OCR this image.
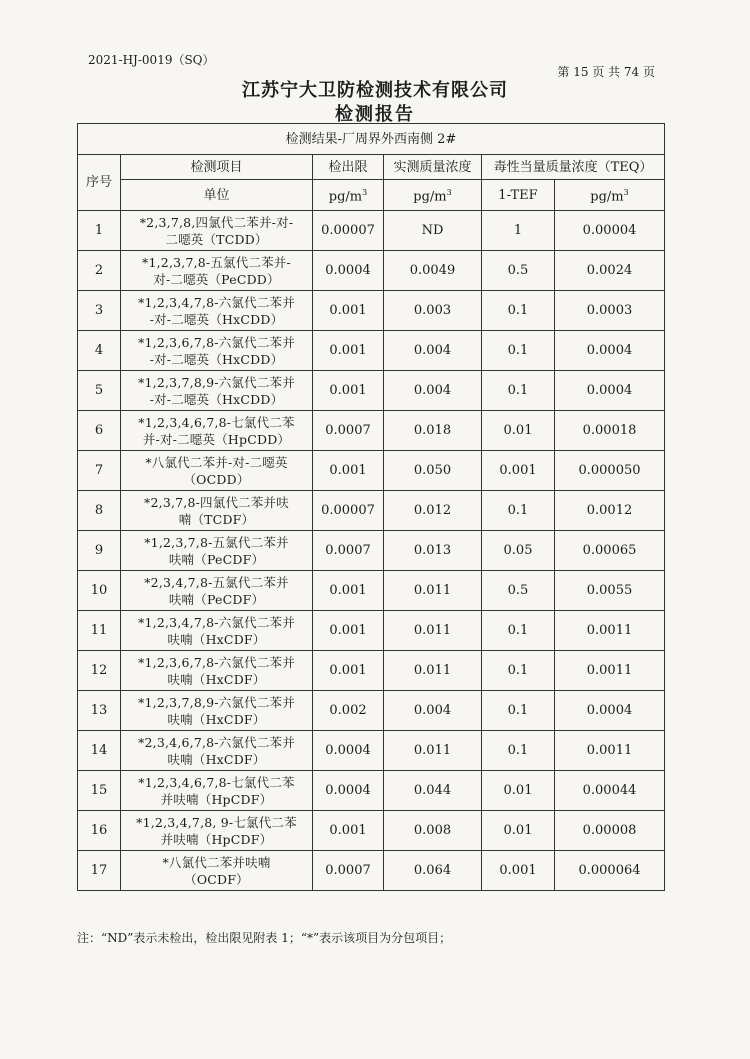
2021-HJ-0019（SQ）
第 15 页 共 74 页
江苏宁大卫防检测技术有限公司
检测报告
检测结果-厂周界外西南侧 2#					
序号	检测项目	检出限	实测质量浓度	毒性当量质量浓度（TEQ）	
	单位	$pg/m^3$	$pg/m^3$	1-TEF	$pg/m^3$
1	*2,3,7,8,四氯代二苯并-对-
二噁英（TCDD）	0.00007	ND	1	0.00004
2	*1,2,3,7,8-五氯代二苯并-
对-二噁英（PeCDD）	0.0004	0.0049	0.5	0.0024
3	*1,2,3,4,7,8-六氯代二苯并
-对-二噁英（HxCDD）	0.001	0.003	0.1	0.0003
4	*1,2,3,6,7,8-六氯代二苯并
-对-二噁英（HxCDD）	0.001	0.004	0.1	0.0004
5	*1,2,3,7,8,9-六氯代二苯并
-对-二噁英（HxCDD）	0.001	0.004	0.1	0.0004
6	*1,2,3,4,6,7,8-七氯代二苯
并-对-二噁英（HpCDD）	0.0007	0.018	0.01	0.00018
7	*八氯代二苯并-对-二噁英
（OCDD）	0.001	0.050	0.001	0.000050
8	*2,3,7,8-四氯代二苯并呋
喃（TCDF）	0.00007	0.012	0.1	0.0012
9	*1,2,3,7,8-五氯代二苯并
呋喃（PeCDF）	0.0007	0.013	0.05	0.00065
10	*2,3,4,7,8-五氯代二苯并
呋喃（PeCDF）	0.001	0.011	0.5	0.0055
11	*1,2,3,4,7,8-六氯代二苯并
呋喃（HxCDF）	0.001	0.011	0.1	0.0011
12	*1,2,3,6,7,8-六氯代二苯并
呋喃（HxCDF）	0.001	0.011	0.1	0.0011
13	*1,2,3,7,8,9-六氯代二苯并
呋喃（HxCDF）	0.002	0.004	0.1	0.0004
14	*2,3,4,6,7,8-六氯代二苯并
呋喃（HxCDF）	0.0004	0.011	0.1	0.0011
15	*1,2,3,4,6,7,8-七氯代二苯
并呋喃（HpCDF）	0.0004	0.044	0.01	0.00044
16	*1,2,3,4,7,8, 9-七氯代二苯
并呋喃（HpCDF）	0.001	0.008	0.01	0.00008
17	*八氯代二苯并呋喃
（OCDF）	0.0007	0.064	0.001	0.000064
注：“ND”表示未检出，检出限见附表 1；“*”表示该项目为分包项目；
